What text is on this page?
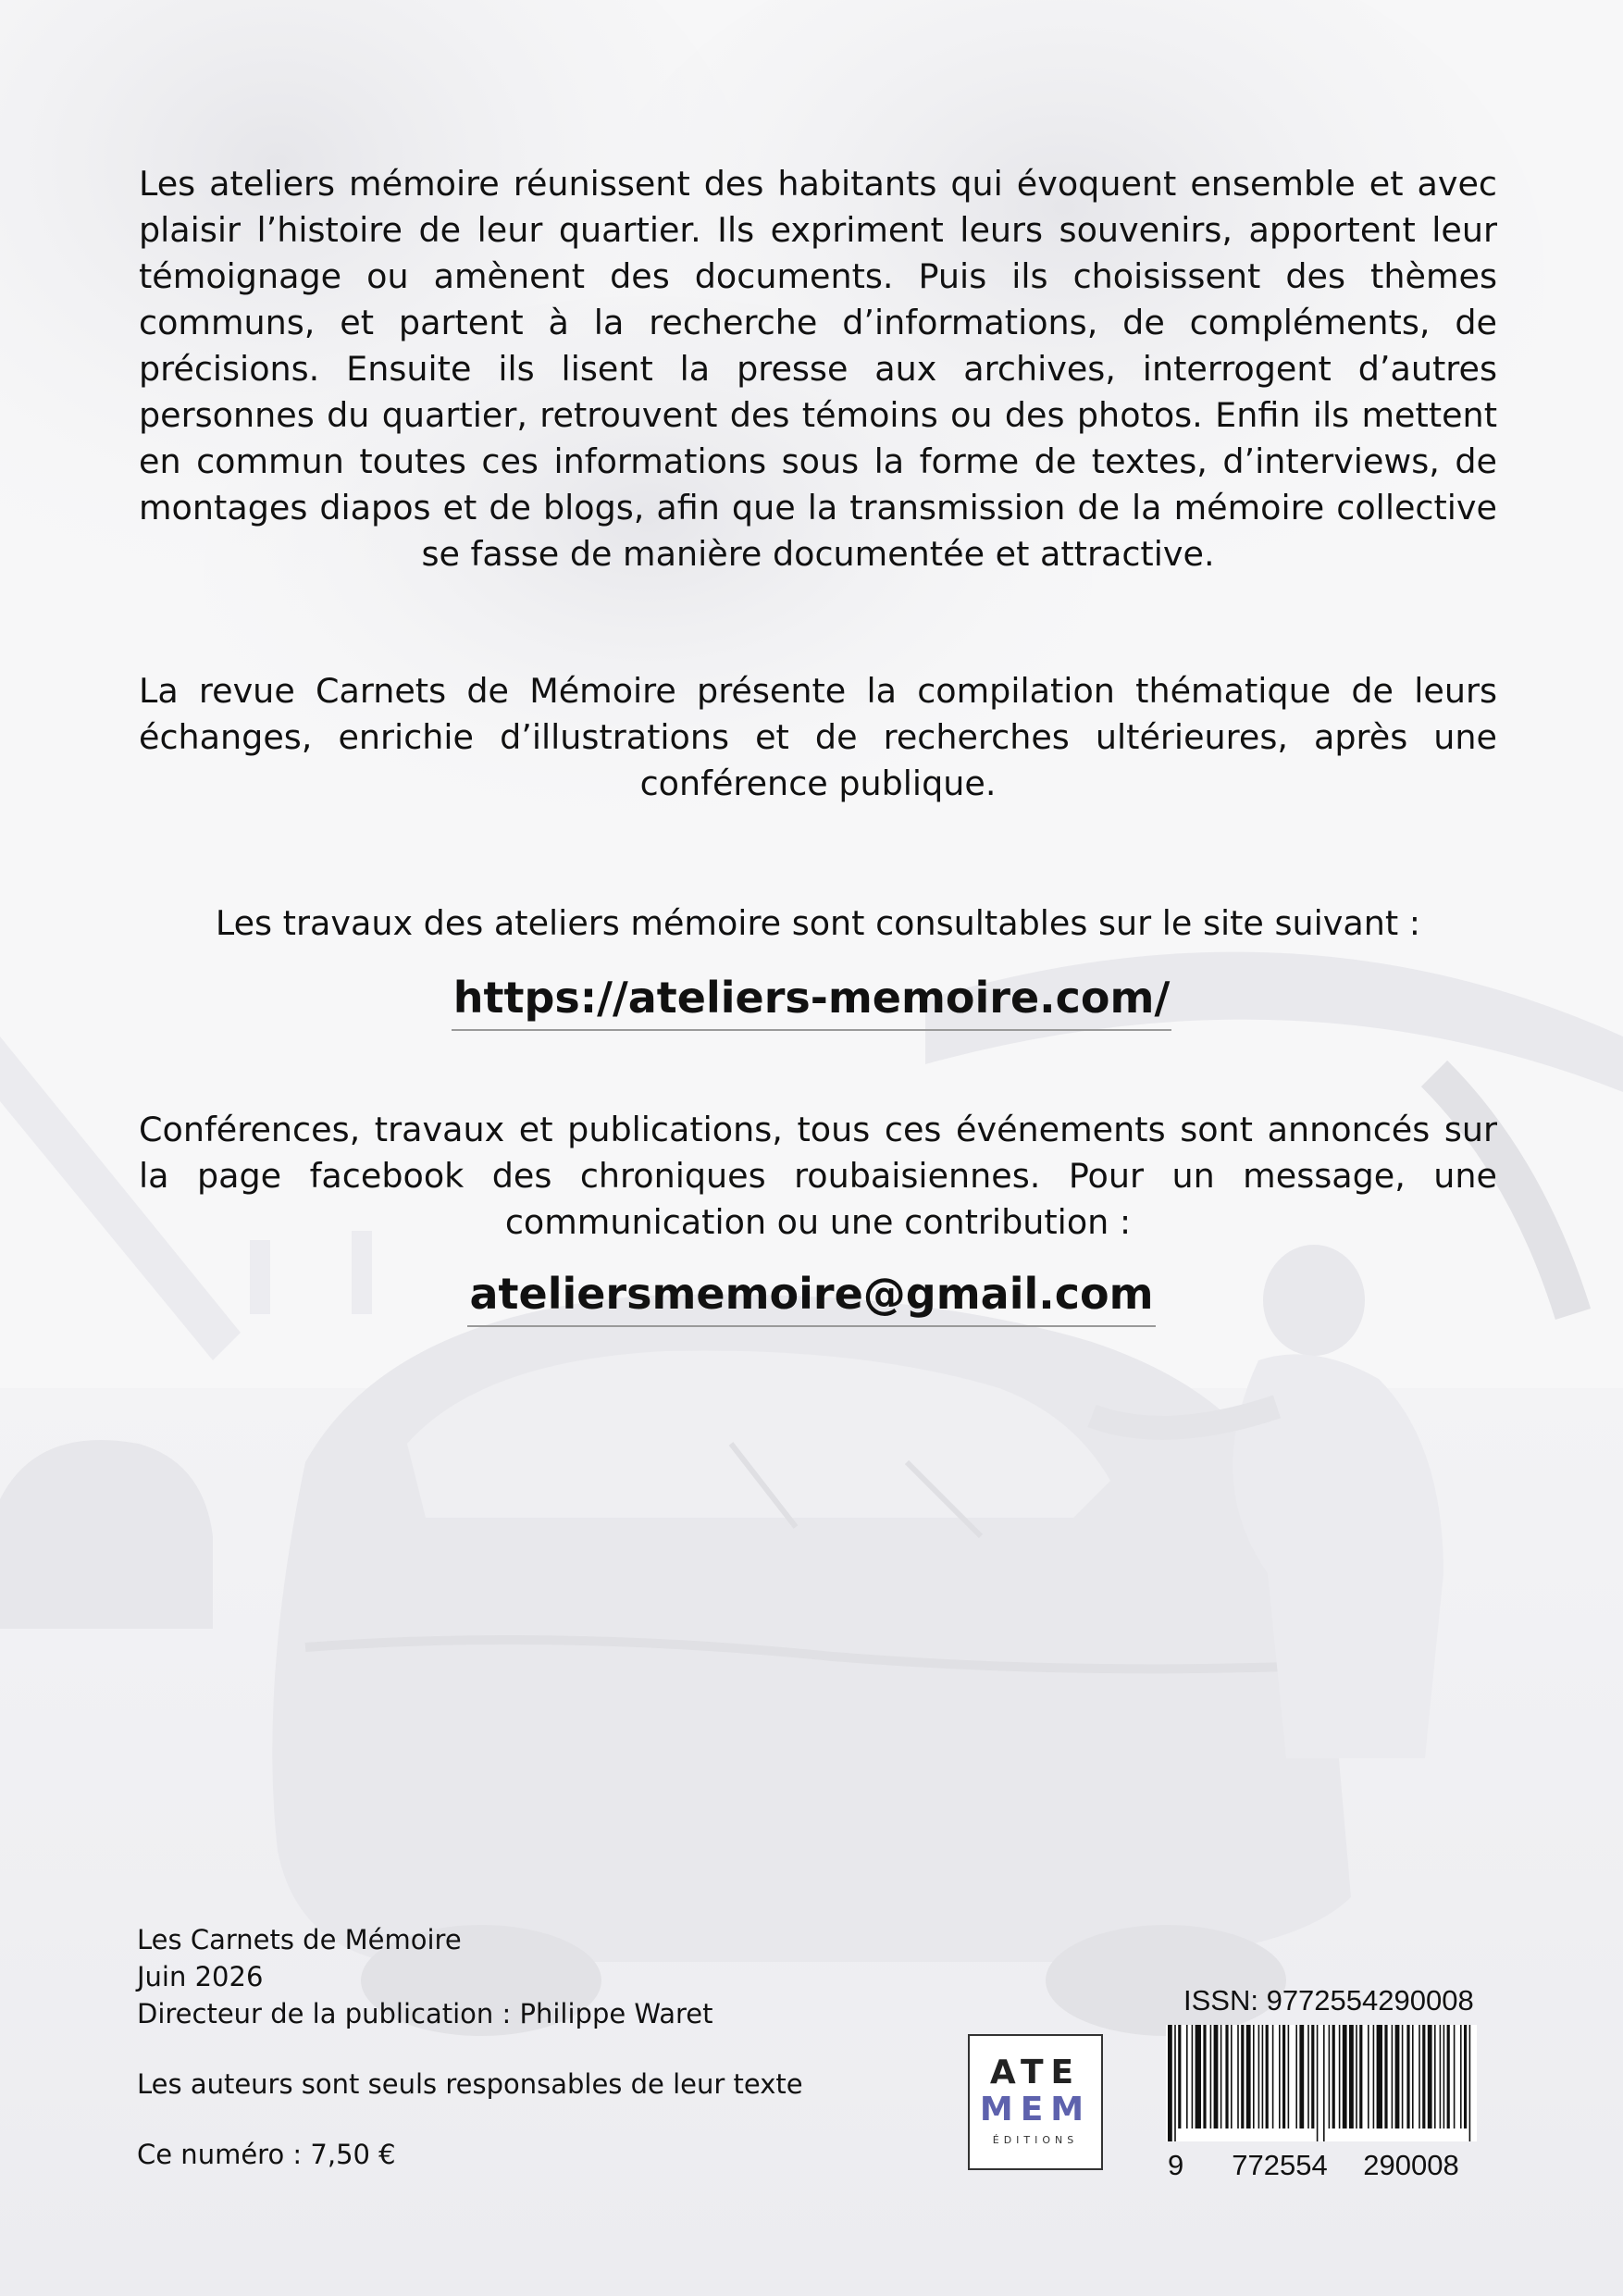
Les ateliers mémoire réunissent des habitants qui évoquent ensemble et avec plaisir l’histoire de leur quartier. Ils expriment leurs souvenirs, apportent leur témoignage ou amènent des documents. Puis ils choisissent des thèmes communs, et partent à la recherche d’informations, de compléments, de précisions. Ensuite ils lisent la presse aux archives, interrogent d’autres personnes du quartier, retrouvent des témoins ou des photos. Enfin ils mettent en commun toutes ces informations sous la forme de textes, d’interviews, de montages diapos et de blogs, afin que la transmission de la mémoire collective se fasse de manière documentée et attractive.

La revue Carnets de Mémoire présente la compilation thématique de leurs échanges, enrichie d’illustrations et de recherches ultérieures, après une conférence publique.

Les travaux des ateliers mémoire sont consultables sur le site suivant :

https://ateliers-memoire.com/

Conférences, travaux et publications, tous ces événements sont annoncés sur la page facebook des chroniques roubaisiennes. Pour un message, une communication ou une contribution :

ateliersmemoire@gmail.com
Les Carnets de Mémoire
Juin 2026
Directeur de la publication : Philippe Waret
Les auteurs sont seuls responsables de leur texte
Ce numéro : 7,50 €
ATE
MEM
ÉDITIONS
ISSN: 9772554290008
9	772554	290008
